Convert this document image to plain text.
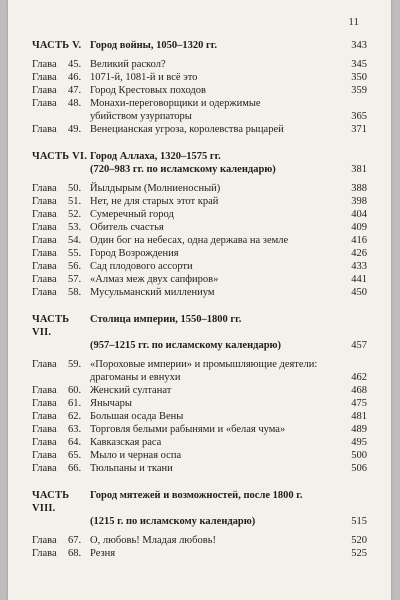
11
ЧАСТЬ V. Город войны, 1050–1320 гг.	343
Глава	45. Великий раскол?	345
Глава	46. 1071-й, 1081-й и всё это	350
Глава	47. Город Крестовых походов	359
Глава	48. Монахи-переговорщики и одержимые
убийством узурпаторы	365
Глава	49. Венецианская угроза, королевства рыцарей	371
ЧАСТЬ VI. Город Аллаха, 1320–1575 гг.
(720–983 гг. по исламскому календарю)	381
Глава	50. Йылдырым (Молниеносный)	388
Глава	51. Нет, не для старых этот край	398
Глава	52. Сумеречный город	404
Глава	53. Обитель счастья	409
Глава	54. Один бог на небесах, одна держава на земле	416
Глава	55. Город Возрождения	426
Глава	56. Сад плодового ассорти	433
Глава	57. «Алмаз меж двух сапфиров»	441
Глава	58. Мусульманский миллениум	450
ЧАСТЬ VII.
Столица империи, 1550–1800 гг.
(957–1215 гг. по исламскому календарю)	457
Глава	59. «Пороховые империи» и промышляющие деятели:
драгоманы и евнухи	462
Глава	60. Женский султанат	468
Глава	61. Янычары	475
Глава	62. Большая осада Вены	481
Глава	63. Торговля белыми рабынями и «белая чума»	489
Глава	64. Кавказская раса	495
Глава	65. Мыло и черная оспа	500
Глава	66. Тюльпаны и ткани	506
ЧАСТЬ VIII.
Город мятежей и возможностей, после 1800 г.
(1215 г. по исламскому календарю)	515
Глава	67. О, любовь! Младая любовь!	520
Глава	68. Резня	525
